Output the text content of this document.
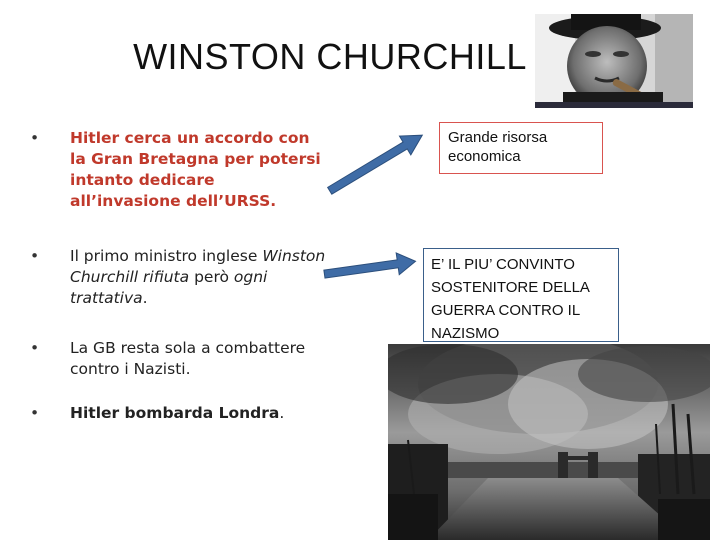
WINSTON CHURCHILL
• Hitler cerca un accordo con la Gran Bretagna per potersi intanto dedicare all’invasione dell’URSS.
• Il primo ministro inglese Winston Churchill rifiuta però ogni trattativa.
• La GB resta sola a combattere contro i Nazisti.
• Hitler bombarda Londra.
Grande risorsa economica
E’ IL PIU’ CONVINTO SOSTENITORE DELLA GUERRA CONTRO IL NAZISMO
